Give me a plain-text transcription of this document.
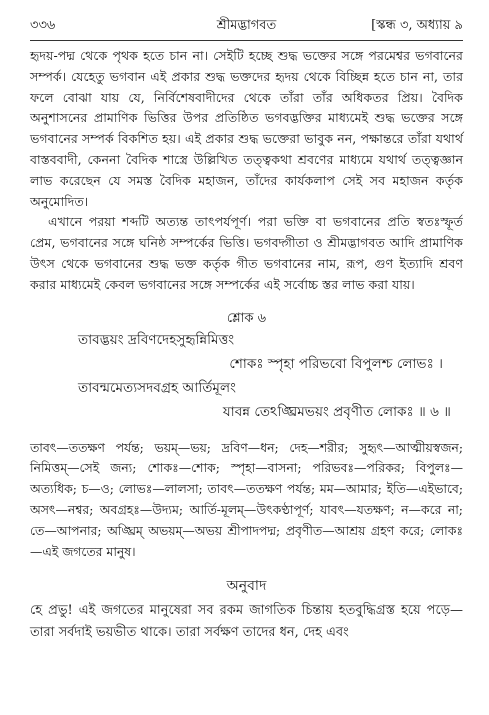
৩৩৬	শ্রীমদ্ভাগবত	[স্কন্ধ ৩, অধ্যায় ৯

হৃদয়-পদ্ম থেকে পৃথক হতে চান না। সেইটি হচ্ছে শুদ্ধ ভক্তের সঙ্গে পরমেশ্বর ভগবানের সম্পর্ক। যেহেতু ভগবান এই প্রকার শুদ্ধ ভক্তদের হৃদয় থেকে বিচ্ছিন্ন হতে চান না, তার ফলে বোঝা যায় যে, নির্বিশেষবাদীদের থেকে তাঁরা তাঁর অধিকতর প্রিয়। বৈদিক অনুশাসনের প্রামাণিক ভিত্তির উপর প্রতিষ্ঠিত ভগবদ্ভক্তির মাধ্যমেই শুদ্ধ ভক্তের সঙ্গে ভগবানের সম্পর্ক বিকশিত হয়। এই প্রকার শুদ্ধ ভক্তেরা ভাবুক নন, পক্ষান্তরে তাঁরা যথার্থ বাস্তববাদী, কেননা বৈদিক শাস্ত্রে উল্লিখিত তত্ত্বকথা শ্রবণের মাধ্যমে যথার্থ তত্ত্বজ্ঞান লাভ করেছেন যে সমস্ত বৈদিক মহাজন, তাঁদের কার্যকলাপ সেই সব মহাজন কর্তৃক অনুমোদিত।

এখানে পরয়া শব্দটি অত্যন্ত তাৎপর্যপূর্ণ। পরা ভক্তি বা ভগবানের প্রতি স্বতঃস্ফূর্ত প্রেম, ভগবানের সঙ্গে ঘনিষ্ঠ সম্পর্কের ভিত্তি। ভগবদ্গীতা ও শ্রীমদ্ভাগবত আদি প্রামাণিক উৎস থেকে ভগবানের শুদ্ধ ভক্ত কর্তৃক গীত ভগবানের নাম, রূপ, গুণ ইত্যাদি শ্রবণ করার মাধ্যমেই কেবল ভগবানের সঙ্গে সম্পর্কের এই সর্বোচ্চ স্তর লাভ করা যায়।

শ্লোক ৬
তাবদ্ভয়ং দ্রবিণদেহসুহৃন্নিমিত্তং
শোকঃ স্পৃহা পরিভবো বিপুলশ্চ লোভঃ ।
তাবন্মমেত্যসদবগ্রহ আর্তিমূলং
যাবন্ন তেঽঙ্ঘ্রিমভয়ং প্রবৃণীত লোকঃ ॥ ৬ ॥
তাবৎ—ততক্ষণ পর্যন্ত; ভয়ম্—ভয়; দ্রবিণ—ধন; দেহ—শরীর; সুহৃৎ—আত্মীয়স্বজন; নিমিত্তম্—সেই জন্য; শোকঃ—শোক; স্পৃহা—বাসনা; পরিভবঃ—পরিকর; বিপুলঃ—অত্যধিক; চ—ও; লোভঃ—লালসা; তাবৎ—ততক্ষণ পর্যন্ত; মম—আমার; ইতি—এইভাবে; অসৎ—নশ্বর; অবগ্রহঃ—উদ্যম; আর্তি-মূলম্—উৎকণ্ঠাপূর্ণ; যাবৎ—যতক্ষণ; ন—করে না; তে—আপনার; অঙ্ঘ্রিম্ অভয়ম্—অভয় শ্রীপাদপদ্ম; প্রবৃণীত—আশ্রয় গ্রহণ করে; লোকঃ—এই জগতের মানুষ।
অনুবাদ
হে প্রভু! এই জগতের মানুষেরা সব রকম জাগতিক চিন্তায় হতবুদ্ধিগ্রস্ত হয়ে পড়ে—তারা সর্বদাই ভয়ভীত থাকে। তারা সর্বক্ষণ তাদের ধন, দেহ এবং
